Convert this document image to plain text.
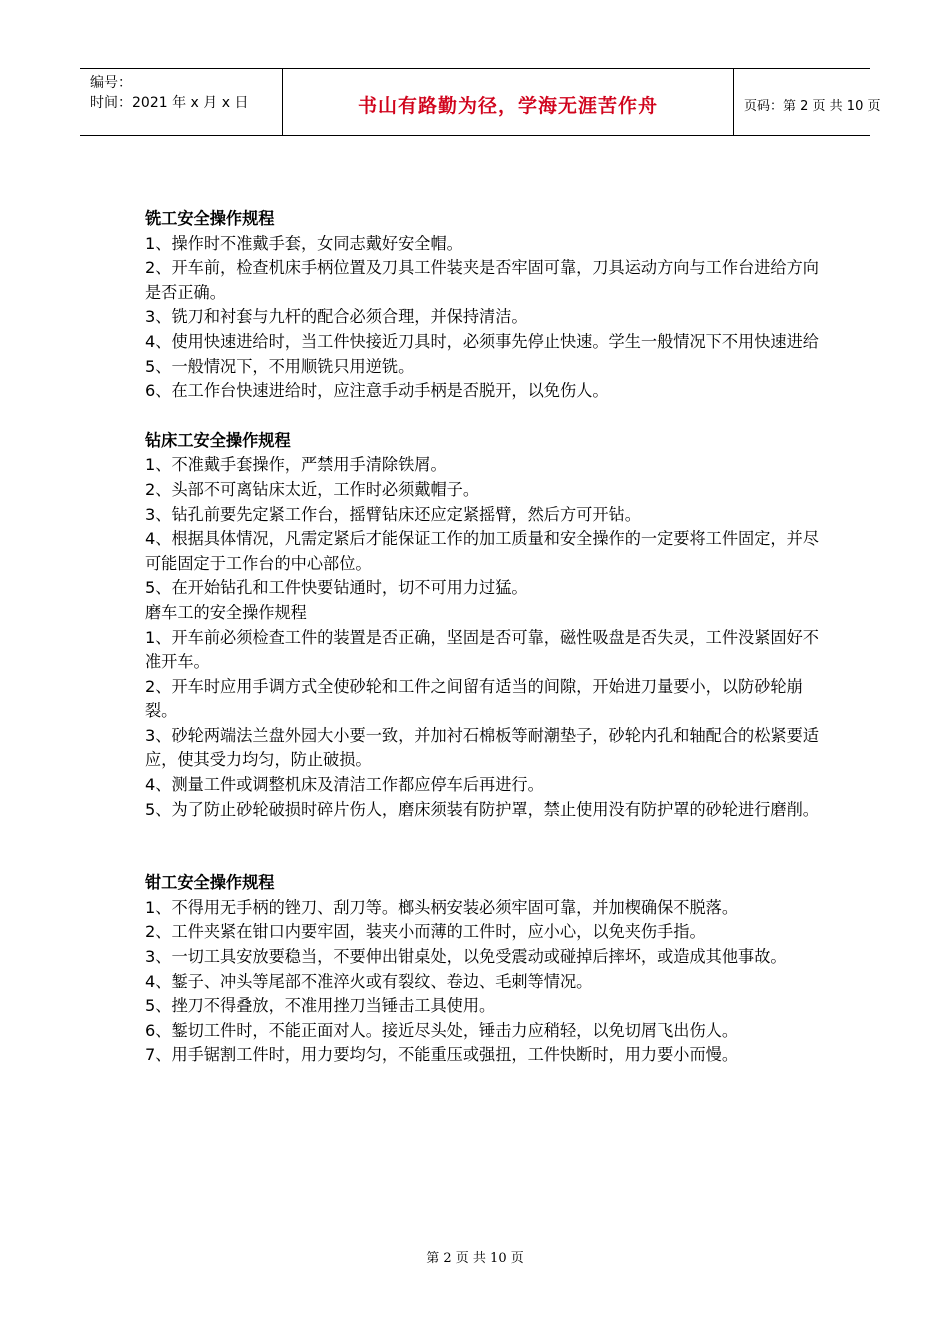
编号：
时间：2021 年 x 月 x 日	书山有路勤为径，学海无涯苦作舟	页码：第 2 页 共 10 页
铣工安全操作规程
1、操作时不准戴手套，女同志戴好安全帽。
2、开车前，检查机床手柄位置及刀具工件装夹是否牢固可靠，刀具运动方向与工作台进给方向是否正确。
3、铣刀和衬套与九杆的配合必须合理，并保持清洁。
4、使用快速进给时，当工件快接近刀具时，必须事先停止快速。学生一般情况下不用快速进给
5、一般情况下，不用顺铣只用逆铣。
6、在工作台快速进给时，应注意手动手柄是否脱开，以免伤人。
钻床工安全操作规程
1、不准戴手套操作，严禁用手清除铁屑。
2、头部不可离钻床太近，工作时必须戴帽子。
3、钻孔前要先定紧工作台，摇臂钻床还应定紧摇臂，然后方可开钻。
4、根据具体情况，凡需定紧后才能保证工作的加工质量和安全操作的一定要将工件固定，并尽可能固定于工作台的中心部位。
5、在开始钻孔和工件快要钻通时，切不可用力过猛。
磨车工的安全操作规程
1、开车前必须检查工件的装置是否正确，坚固是否可靠，磁性吸盘是否失灵，工件没紧固好不准开车。
2、开车时应用手调方式全使砂轮和工件之间留有适当的间隙，开始进刀量要小，以防砂轮崩裂。
3、砂轮两端法兰盘外园大小要一致，并加衬石棉板等耐潮垫子，砂轮内孔和轴配合的松紧要适应，使其受力均匀，防止破损。
4、测量工件或调整机床及清洁工作都应停车后再进行。
5、为了防止砂轮破损时碎片伤人，磨床须装有防护罩，禁止使用没有防护罩的砂轮进行磨削。
钳工安全操作规程
1、不得用无手柄的锉刀、刮刀等。榔头柄安装必须牢固可靠，并加楔确保不脱落。
2、工件夹紧在钳口内要牢固，装夹小而薄的工件时，应小心，以免夹伤手指。
3、一切工具安放要稳当，不要伸出钳桌处，以免受震动或碰掉后摔坏，或造成其他事故。
4、錾子、冲头等尾部不准淬火或有裂纹、卷边、毛刺等情况。
5、挫刀不得叠放，不准用挫刀当锤击工具使用。
6、錾切工件时，不能正面对人。接近尽头处，锤击力应稍轻，以免切屑飞出伤人。
7、用手锯割工件时，用力要均匀，不能重压或强扭，工件快断时，用力要小而慢。
第 2 页 共 10 页
